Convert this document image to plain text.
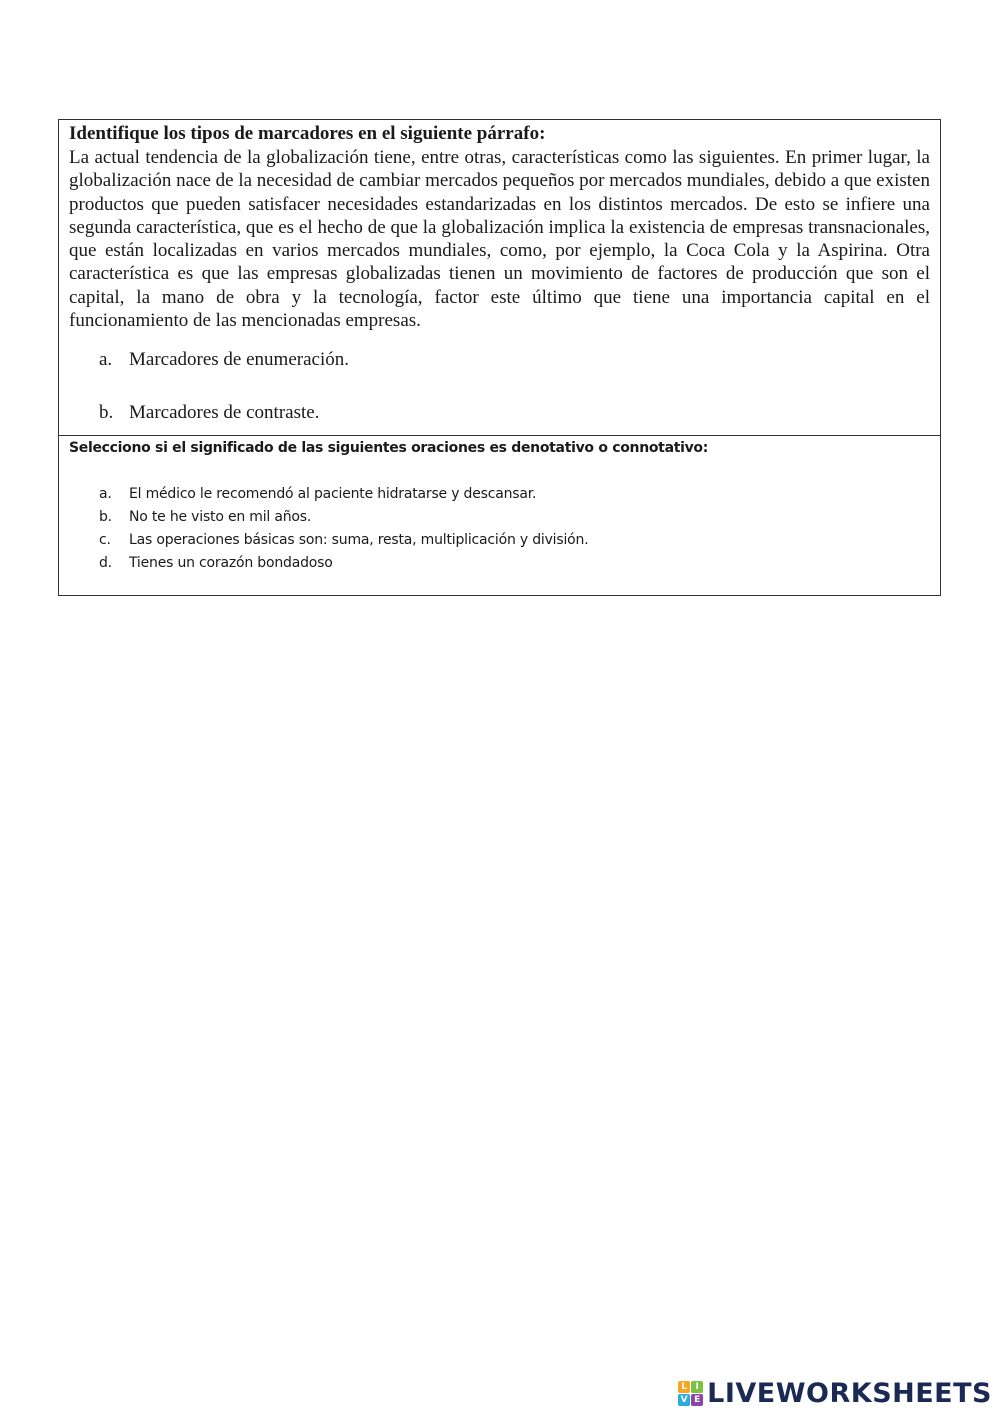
Identifique los tipos de marcadores en el siguiente párrafo:

La actual tendencia de la globalización tiene, entre otras, características como las siguientes. En primer lugar, la globalización nace de la necesidad de cambiar mercados pequeños por mercados mundiales, debido a que existen productos que pueden satisfacer necesidades estandarizadas en los distintos mercados. De esto se infiere una segunda característica, que es el hecho de que la globalización implica la existencia de empresas transnacionales, que están localizadas en varios mercados mundiales, como, por ejemplo, la Coca Cola y la Aspirina. Otra característica es que las empresas globalizadas tienen un movimiento de factores de producción que son el capital, la mano de obra y la tecnología, factor este último que tiene una importancia capital en el funcionamiento de las mencionadas empresas.

a. Marcadores de enumeración.
b. Marcadores de contraste.

Selecciono si el significado de las siguientes oraciones es denotativo o connotativo:

a.	El médico le recomendó al paciente hidratarse y descansar.
b.	No te he visto en mil años.
c.	Las operaciones básicas son: suma, resta, multiplicación y división.
d.	Tienes un corazón bondadoso
L I
V E LIVEWORKSHEETS
